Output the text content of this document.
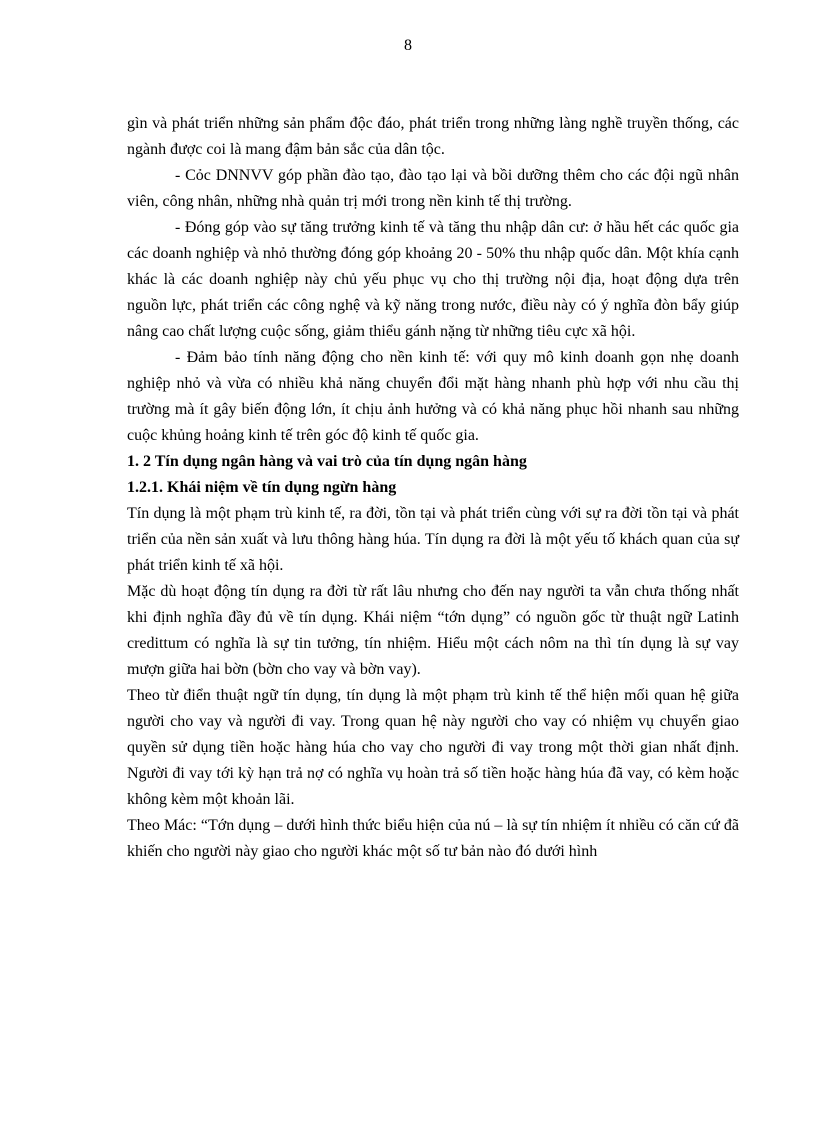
8

gìn và phát triển những sản phẩm độc đáo, phát triển trong những làng nghề truyền thống, các ngành được coi là mang đậm bản sắc của dân tộc.

- Cỏc DNNVV góp phần đào tạo, đào tạo lại và bồi dưỡng thêm cho các đội ngũ nhân viên, công nhân, những nhà quản trị mới trong nền kinh tế thị trường.

- Đóng góp vào sự tăng trưởng kinh tế và tăng thu nhập dân cư: ở hầu hết các quốc gia các doanh nghiệp và nhỏ thường đóng góp khoảng 20 - 50% thu nhập quốc dân. Một khía cạnh khác là các doanh nghiệp này chủ yếu phục vụ cho thị trường nội địa, hoạt động dựa trên nguồn lực, phát triển các công nghệ và kỹ năng trong nước, điều này có ý nghĩa đòn bẩy giúp nâng cao chất lượng cuộc sống, giảm thiểu gánh nặng từ những tiêu cực xã hội.

- Đảm bảo tính năng động cho nền kinh tế: với quy mô kinh doanh gọn nhẹ doanh nghiệp nhỏ và vừa có nhiều khả năng chuyển đổi mặt hàng nhanh phù hợp với nhu cầu thị trường mà ít gây biến động lớn, ít chịu ảnh hưởng và có khả năng phục hồi nhanh sau những cuộc khủng hoảng kinh tế trên góc độ kinh tế quốc gia.

1. 2 Tín dụng ngân hàng và vai trò của tín dụng ngân hàng

1.2.1. Khái niệm về tín dụng ngừn hàng

Tín dụng là một phạm trù kinh tế, ra đời, tồn tại và phát triển cùng với sự ra đời tồn tại và phát triển của nền sản xuất và lưu thông hàng húa. Tín dụng ra đời là một yếu tố khách quan của sự phát triển kinh tế xã hội.

Mặc dù hoạt động tín dụng ra đời từ rất lâu nhưng cho đến nay người ta vẫn chưa thống nhất khi định nghĩa đầy đủ về tín dụng. Khái niệm “tớn dụng” có nguồn gốc từ thuật ngữ Latinh credittum có nghĩa là sự tin tưởng, tín nhiệm. Hiểu một cách nôm na thì tín dụng là sự vay mượn giữa hai bờn (bờn cho vay và bờn vay).

Theo từ điển thuật ngữ tín dụng, tín dụng là một phạm trù kinh tế thể hiện mối quan hệ giữa người cho vay và người đi vay. Trong quan hệ này người cho vay có nhiệm vụ chuyển giao quyền sử dụng tiền hoặc hàng húa cho vay cho người đi vay trong một thời gian nhất định. Người đi vay tới kỳ hạn trả nợ có nghĩa vụ hoàn trả số tiền hoặc hàng húa đã vay, có kèm hoặc không kèm một khoản lãi.

Theo Mác: “Tớn dụng – dưới hình thức biểu hiện của nú – là sự tín nhiệm ít nhiều có căn cứ đã khiến cho người này giao cho người khác một số tư bản nào đó dưới hình
